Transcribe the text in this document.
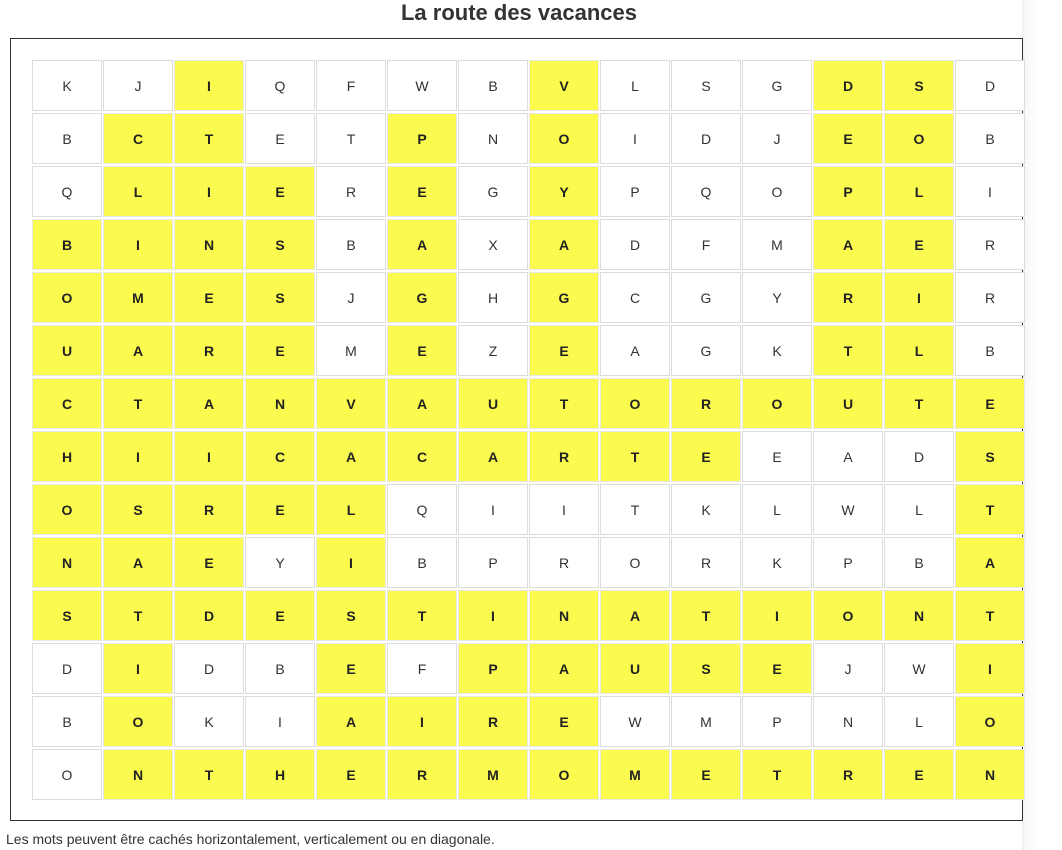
La route des vacances
K	J	I	Q	F	W	B	V	L	S	G	D	S	D
B	C	T	E	T	P	N	O	I	D	J	E	O	B
Q	L	I	E	R	E	G	Y	P	Q	O	P	L	I
B	I	N	S	B	A	X	A	D	F	M	A	E	R
O	M	E	S	J	G	H	G	C	G	Y	R	I	R
U	A	R	E	M	E	Z	E	A	G	K	T	L	B
C	T	A	N	V	A	U	T	O	R	O	U	T	E
H	I	I	C	A	C	A	R	T	E	E	A	D	S
O	S	R	E	L	Q	I	I	T	K	L	W	L	T
N	A	E	Y	I	B	P	R	O	R	K	P	B	A
S	T	D	E	S	T	I	N	A	T	I	O	N	T
D	I	D	B	E	F	P	A	U	S	E	J	W	I
B	O	K	I	A	I	R	E	W	M	P	N	L	O
O	N	T	H	E	R	M	O	M	E	T	R	E	N

Les mots peuvent être cachés horizontalement, verticalement ou en diagonale.
